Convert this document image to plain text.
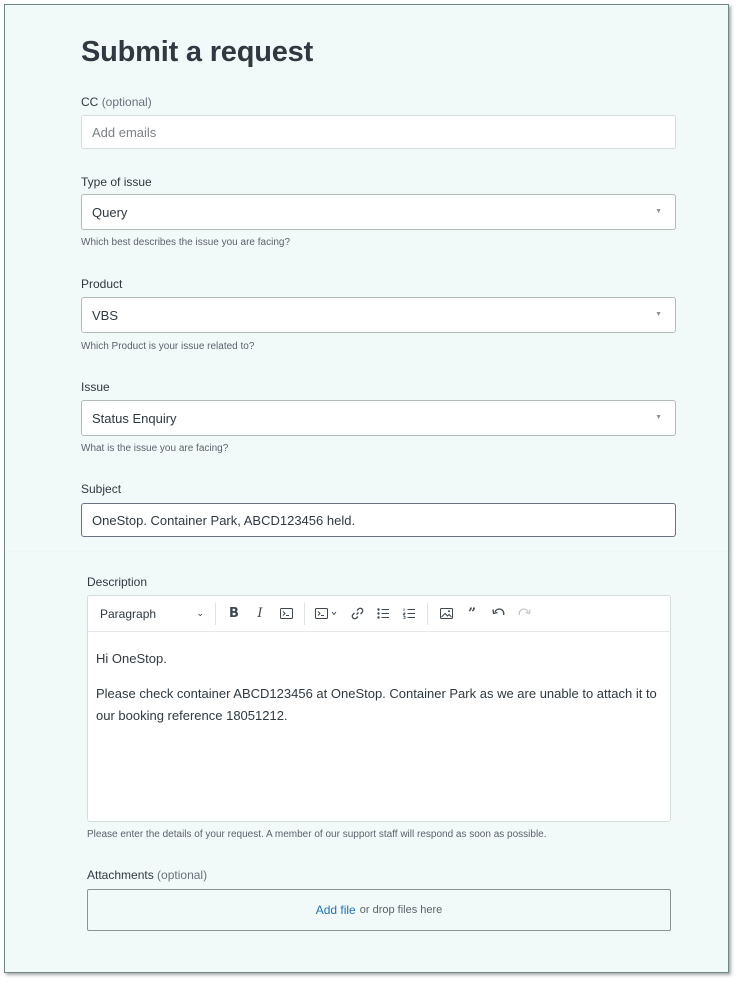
Submit a request
CC (optional)
Add emails
Type of issue
Query	▼
Which best describes the issue you are facing?
Product
VBS	▼
Which Product is your issue related to?
Issue
Status Enquiry	▼
What is the issue you are facing?
Subject
OneStop. Container Park, ABCD123456 held.
Description
Paragraph	⌄	B	I	”

Hi OneStop.

Please check container ABCD123456 at OneStop. Container Park as we are unable to attach it to our booking reference 18051212.

Please enter the details of your request. A member of our support staff will respond as soon as possible.
Attachments (optional)
Add file or drop files here
